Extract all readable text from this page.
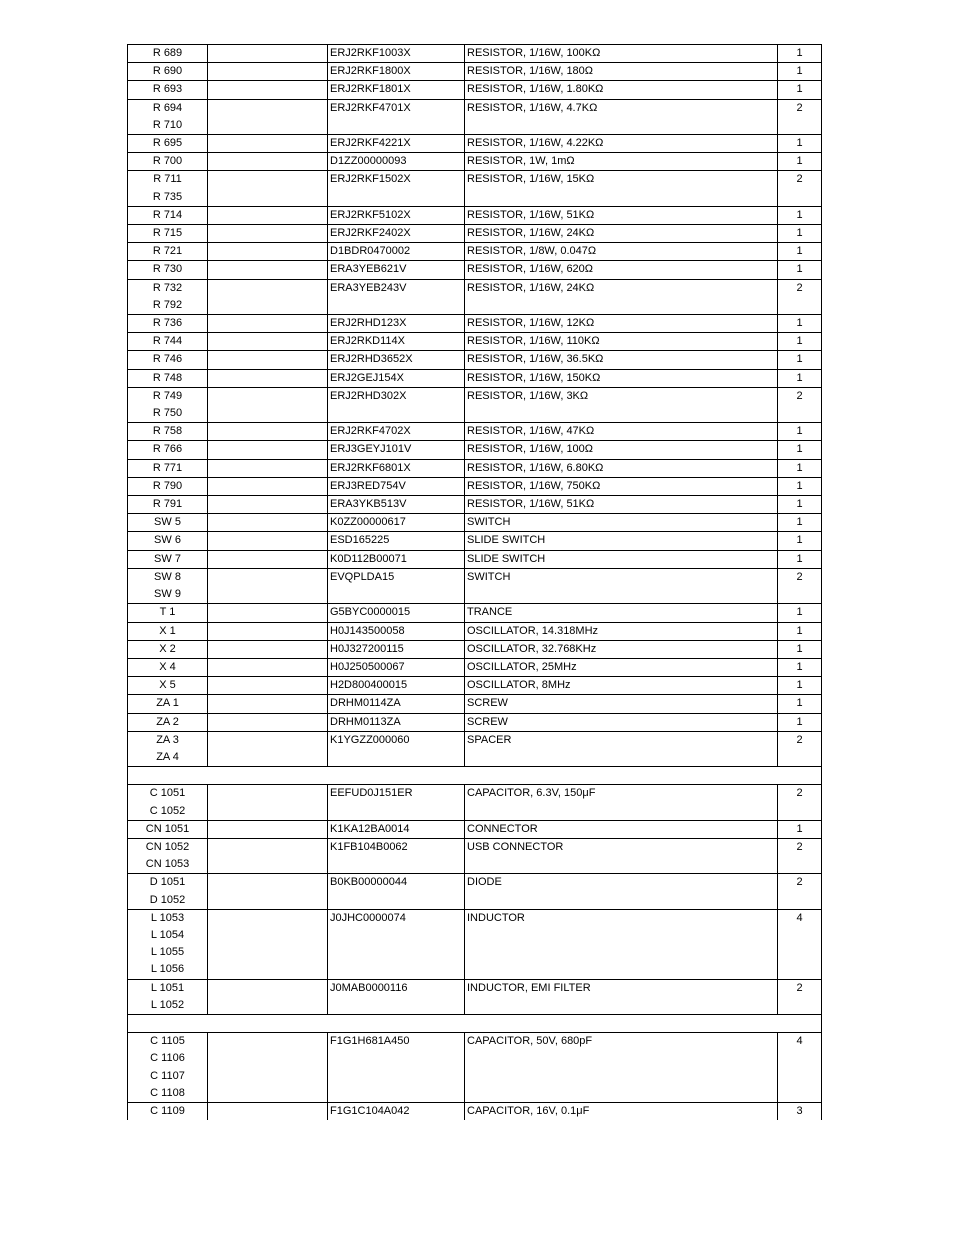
R 689		ERJ2RKF1003X	RESISTOR, 1/16W, 100KΩ	1
R 690		ERJ2RKF1800X	RESISTOR, 1/16W, 180Ω	1
R 693		ERJ2RKF1801X	RESISTOR, 1/16W, 1.80KΩ	1
R 694		ERJ2RKF4701X	RESISTOR, 1/16W, 4.7KΩ	2
R 710				
R 695		ERJ2RKF4221X	RESISTOR, 1/16W, 4.22KΩ	1
R 700		D1ZZ00000093	RESISTOR, 1W, 1mΩ	1
R 711		ERJ2RKF1502X	RESISTOR, 1/16W, 15KΩ	2
R 735				
R 714		ERJ2RKF5102X	RESISTOR, 1/16W, 51KΩ	1
R 715		ERJ2RKF2402X	RESISTOR, 1/16W, 24KΩ	1
R 721		D1BDR0470002	RESISTOR, 1/8W, 0.047Ω	1
R 730		ERA3YEB621V	RESISTOR, 1/16W, 620Ω	1
R 732		ERA3YEB243V	RESISTOR, 1/16W, 24KΩ	2
R 792				
R 736		ERJ2RHD123X	RESISTOR, 1/16W, 12KΩ	1
R 744		ERJ2RKD114X	RESISTOR, 1/16W, 110KΩ	1
R 746		ERJ2RHD3652X	RESISTOR, 1/16W, 36.5KΩ	1
R 748		ERJ2GEJ154X	RESISTOR, 1/16W, 150KΩ	1
R 749		ERJ2RHD302X	RESISTOR, 1/16W, 3KΩ	2
R 750				
R 758		ERJ2RKF4702X	RESISTOR, 1/16W, 47KΩ	1
R 766		ERJ3GEYJ101V	RESISTOR, 1/16W, 100Ω	1
R 771		ERJ2RKF6801X	RESISTOR, 1/16W, 6.80KΩ	1
R 790		ERJ3RED754V	RESISTOR, 1/16W, 750KΩ	1
R 791		ERA3YKB513V	RESISTOR, 1/16W, 51KΩ	1
SW 5		K0ZZ00000617	SWITCH	1
SW 6		ESD165225	SLIDE SWITCH	1
SW 7		K0D112B00071	SLIDE SWITCH	1
SW 8		EVQPLDA15	SWITCH	2
SW 9				
T 1		G5BYC0000015	TRANCE	1
X 1		H0J143500058	OSCILLATOR, 14.318MHz	1
X 2		H0J327200115	OSCILLATOR, 32.768KHz	1
X 4		H0J250500067	OSCILLATOR, 25MHz	1
X 5		H2D800400015	OSCILLATOR, 8MHz	1
ZA 1		DRHM0114ZA	SCREW	1
ZA 2		DRHM0113ZA	SCREW	1
ZA 3		K1YGZZ000060	SPACER	2
ZA 4				

C 1051		EEFUD0J151ER	CAPACITOR, 6.3V, 150μF	2
C 1052				
CN 1051		K1KA12BA0014	CONNECTOR	1
CN 1052		K1FB104B0062	USB CONNECTOR	2
CN 1053				
D 1051		B0KB00000044	DIODE	2
D 1052				
L 1053		J0JHC0000074	INDUCTOR	4
L 1054				
L 1055				
L 1056				
L 1051		J0MAB0000116	INDUCTOR, EMI FILTER	2
L 1052				

C 1105		F1G1H681A450	CAPACITOR, 50V, 680pF	4
C 1106				
C 1107				
C 1108				
C 1109		F1G1C104A042	CAPACITOR, 16V, 0.1μF	3
